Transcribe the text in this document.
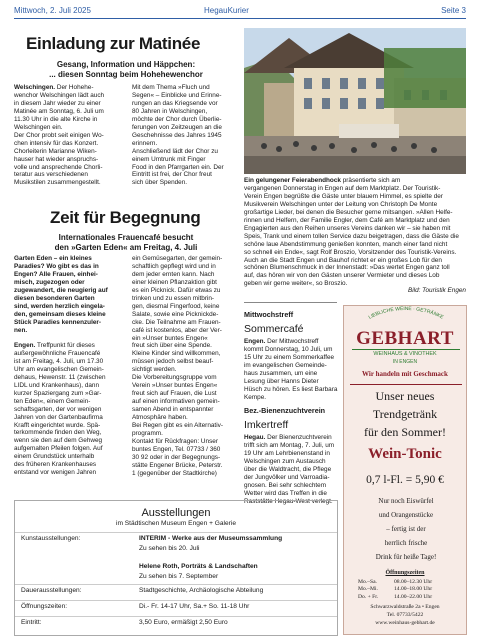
Mittwoch, 2. Juli 2025	HegauKurier	Seite 3
Einladung zur Matinée
Gesang, Information und Häppchen:
... diesen Sonntag beim Hohehewenchor
Welschingen. Der Hohehe-
wenchor Welschingen lädt auch
in diesem Jahr wieder zu einer
Matinée am Sonntag, 6. Juli um
11.30 Uhr in die alte Kirche in
Welschingen ein.
Der Chor probt seit einigen Wo-
chen intensiv für das Konzert.
Chorleiterin Marianne Wiken-
hauser hat wieder anspruchs-
volle und ansprechende Chorli-
teratur aus verschiedenen
Musikstilen zusammengestellt.
Mit dem Thema »Fluch und
Segen« – Einblicke und Erinne-
rungen an das Kriegsende vor
80 Jahren in Welschingen,
möchte der Chor durch Überlie-
ferungen von Zeitzeugen an die
Geschehnisse des Jahres 1945
erinnern.
Anschließend lädt der Chor zu
einem Umtrunk mit Finger
Food in den Pfarrgarten ein. Der
Eintritt ist frei, der Chor freut
sich über Spenden.
Zeit für Begegnung
Internationales Frauencafé besucht
den »Garten Eden« am Freitag, 4. Juli
Garten Eden – ein kleines
Paradies? Wo gibt es das in
Engen? Alle Frauen, einhei-
misch, zugezogen oder
zugewandert, die neugierig auf
diesen besonderen Garten
sind, werden herzlich eingela-
den, gemeinsam dieses kleine
Stück Paradies kennenzuler-
nen.
Engen. Treffpunkt für dieses
außergewöhnliche Frauencafé
ist am Freitag, 4. Juli, um 17.30
Uhr am evangelischen Gemein-
dehaus, Hewenstr. 11 (zwischen
LIDL und Krankenhaus), dann
kurzer Spaziergang zum »Gar-
ten Eden«, einem Gemein-
schaftsgarten, der vor wenigen
Jahren von der Gartenbaufirma
Krafft eingerichtet wurde. Spä-
terkommende finden den Weg,
wenn sie den auf dem Gehweg
aufgemalten Pfeilen folgen. Auf
einem Grundstück unterhalb
des früheren Krankenhauses
entstand vor wenigen Jahren
ein Gemüsegarten, der gemein-
schaftlich gepflegt wird und in
dem jeder ernten kann. Nach
einer kleinen Pflanzaktion gibt
es ein Picknick. Dafür etwas zu
trinken und zu essen mitbrin-
gen, diesmal Fingerfood, keine
Salate, sowie eine Picknickde-
cke. Die Teilnahme am Frauen-
café ist kostenlos, aber der Ver-
ein »Unser buntes Engen«
freut sich über eine Spende.
Kleine Kinder sind willkommen,
müssen jedoch selbst beauf-
sichtigt werden.
Die Vorbereitungsgruppe vom
Verein »Unser buntes Engen«
freut sich auf Frauen, die Lust
auf einen informativen gemein-
samen Abend in entspannter
Atmosphäre haben.
Bei Regen gibt es ein Alternativ-
programm.
Kontakt für Rückfragen: Unser
buntes Engen, Tel. 07733 / 360
30 92 oder in der Begegnungs-
stätte Engener Brücke, Peterstr.
1 (gegenüber der Stadtkirche)
Ein gelungener Feierabendhock präsentierte sich am
vergangenen Donnerstag in Engen auf dem Marktplatz. Der Touristik-
Verein Engen begrüßte die Gäste unter blauem Himmel, es spielte der
Musikverein Welschingen unter der Leitung von Christoph De Monte
großartige Lieder, bei denen die Besucher gerne mitsangen. »Allen Helfe-
rinnen und Helfern, der Familie Engler, dem Café am Marktplatz und den
Engagierten aus den Reihen unseres Vereins danken wir – sie haben mit
Speis, Trank und einem tollen Service dazu beigetragen, dass die Gäste die
schöne laue Abendstimmung genießen konnten, manch einer fand nicht
so schnell ein Ende«, sagt Rolf Broszio, Vorsitzender des Touristik-Vereins.
Auch an die Stadt Engen und Bauhof richtet er ein großes Lob für den
schönen Blumenschmuck in der Innenstadt: »Das wertet Engen ganz toll
auf, das hören wir von den Gästen unserer Vermieter und dieses Lob
geben wir gerne weiter«, so Broszio.
Bild: Touristik Engen
Mittwochstreff
Sommercafé
Engen. Der Mittwochstreff
kommt Donnerstag, 10 Juli, um
15 Uhr zu einem Sommerkaffee
im evangelischen Gemeinde-
haus zusammen, um eine
Lesung über Hanns Dieter
Hüsch zu hören. Es liest Barbara
Kempe.
Bez.-Bienenzuchtverein
Imkertreff
Hegau. Der Bienenzuchtverein
trifft sich am Montag, 7. Juli, um
19 Uhr am Lehrbienenstand in
Welschingen zum Austausch
über die Waldtracht, die Pflege
der Jungvölker und Varroadia-
gnosen. Bei sehr schlechtem
Wetter wird das Treffen in die
Raststätte Hegau-West verlegt.
LIEBLICHE WEINE · GETRÄNKE
GEBHART
WEINHAUS & VINOTHEK
IN ENGEN
Wir handeln mit Geschmack
Unser neues
Trendgetränk
für den Sommer!
Wein-Tonic
0,7 l-Fl. = 5,90 €
Nur noch Eiswürfel
und Orangenstücke
– fertig ist der
herrlich frische
Drink für heiße Tage!
Öffnungszeiten
Mo.–Sa.	08.00–12.30 Uhr
Mo.–Mi.	14.00–18.00 Uhr
Do. + Fr.	14.00–22.00 Uhr
Schwarzwaldstraße 2a • Engen
Tel. 07733/5422
www.weinhaus-gebhart.de
Ausstellungen
im Städtischen Museum Engen + Galerie
Kunstausstellungen:	INTERIM - Werke aus der Museumssammlung
Zu sehen bis 20. Juli
Helene Roth, Porträts & Landschaften
Zu sehen bis 7. September
Dauerausstellungen:	Stadtgeschichte, Archäologische Abteilung
Öffnungszeiten:	Di.- Fr. 14-17 Uhr, Sa.+ So. 11-18 Uhr
Eintritt:	3,50 Euro, ermäßigt 2,50 Euro
